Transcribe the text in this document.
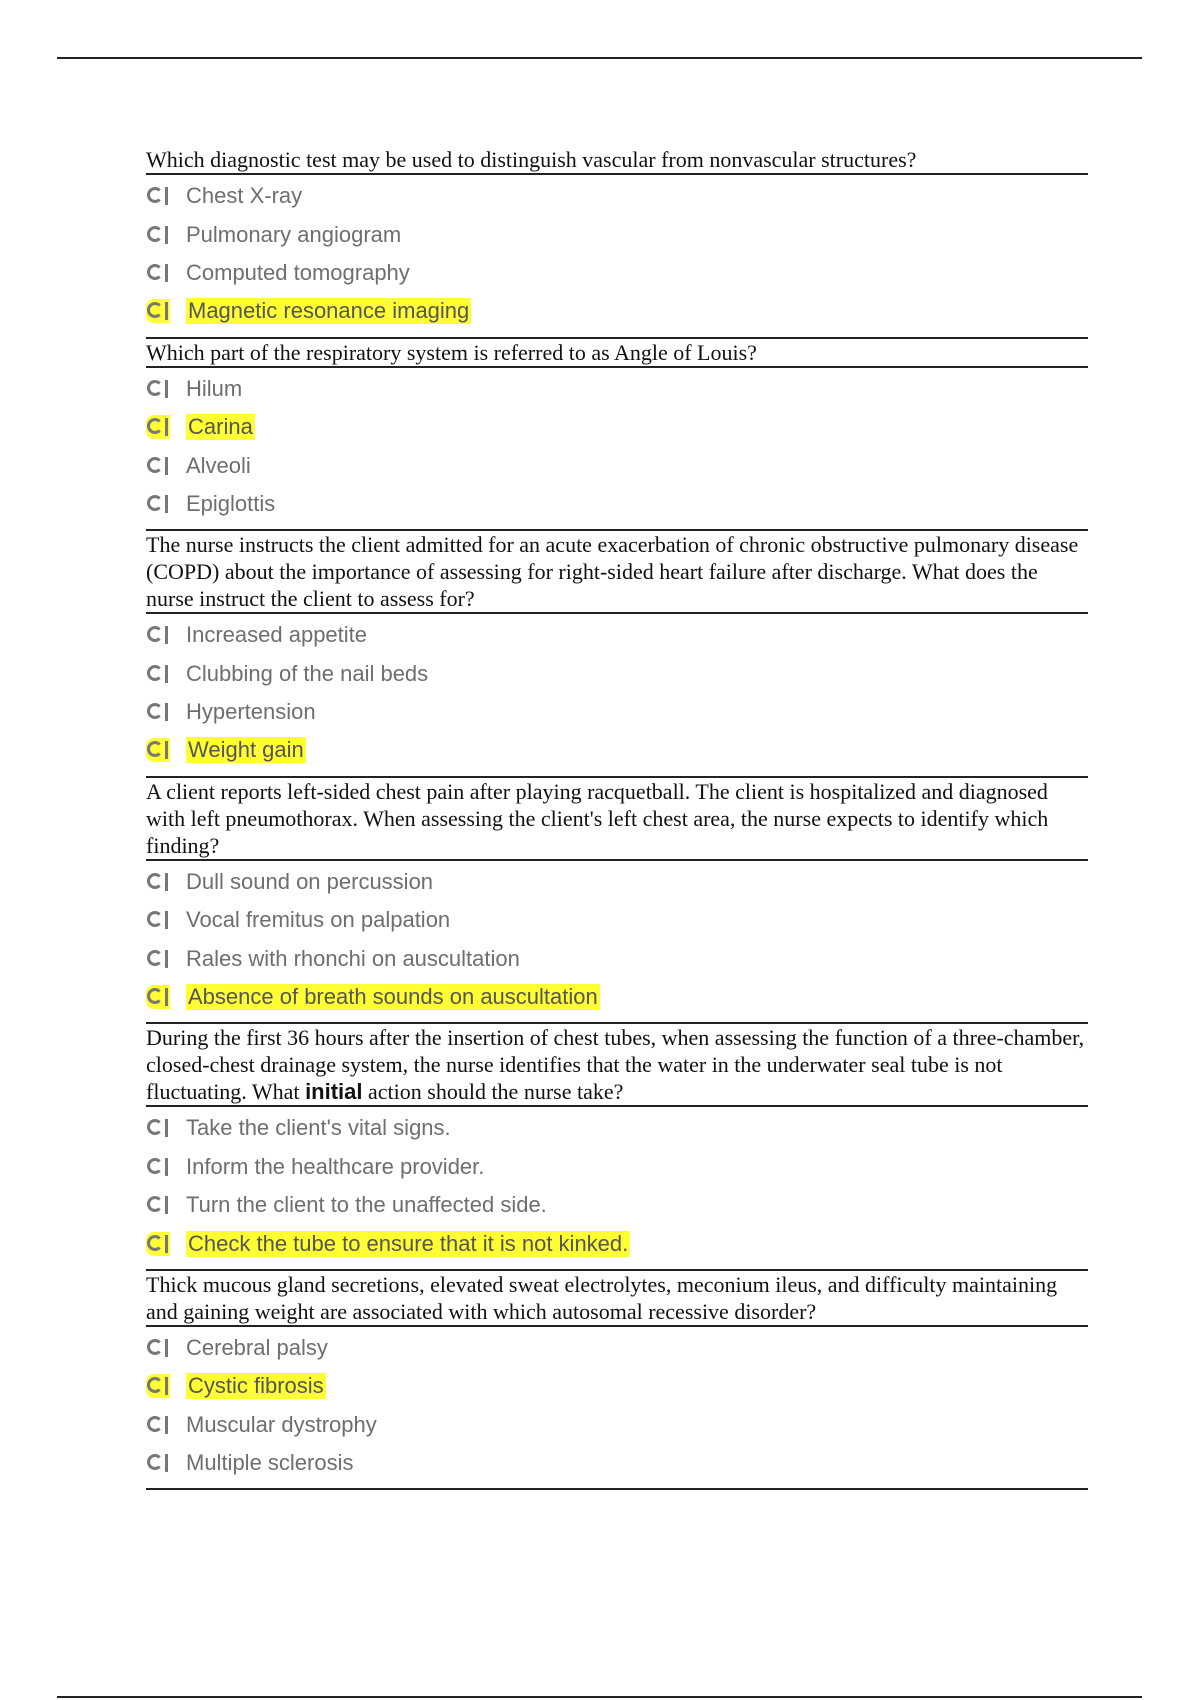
Which diagnostic test may be used to distinguish vascular from nonvascular structures?

Chest X-ray
Pulmonary angiogram
Computed tomography
Magnetic resonance imaging

Which part of the respiratory system is referred to as Angle of Louis?

Hilum
Carina
Alveoli
Epiglottis

The nurse instructs the client admitted for an acute exacerbation of chronic obstructive pulmonary disease (COPD) about the importance of assessing for right-sided heart failure after discharge. What does the nurse instruct the client to assess for?

Increased appetite
Clubbing of the nail beds
Hypertension
Weight gain

A client reports left-sided chest pain after playing racquetball. The client is hospitalized and diagnosed with left pneumothorax. When assessing the client's left chest area, the nurse expects to identify which finding?

Dull sound on percussion
Vocal fremitus on palpation
Rales with rhonchi on auscultation
Absence of breath sounds on auscultation

During the first 36 hours after the insertion of chest tubes, when assessing the function of a three-chamber, closed-chest drainage system, the nurse identifies that the water in the underwater seal tube is not fluctuating. What initial action should the nurse take?

Take the client's vital signs.
Inform the healthcare provider.
Turn the client to the unaffected side.
Check the tube to ensure that it is not kinked.

Thick mucous gland secretions, elevated sweat electrolytes, meconium ileus, and difficulty maintaining and gaining weight are associated with which autosomal recessive disorder?

Cerebral palsy
Cystic fibrosis
Muscular dystrophy
Multiple sclerosis
